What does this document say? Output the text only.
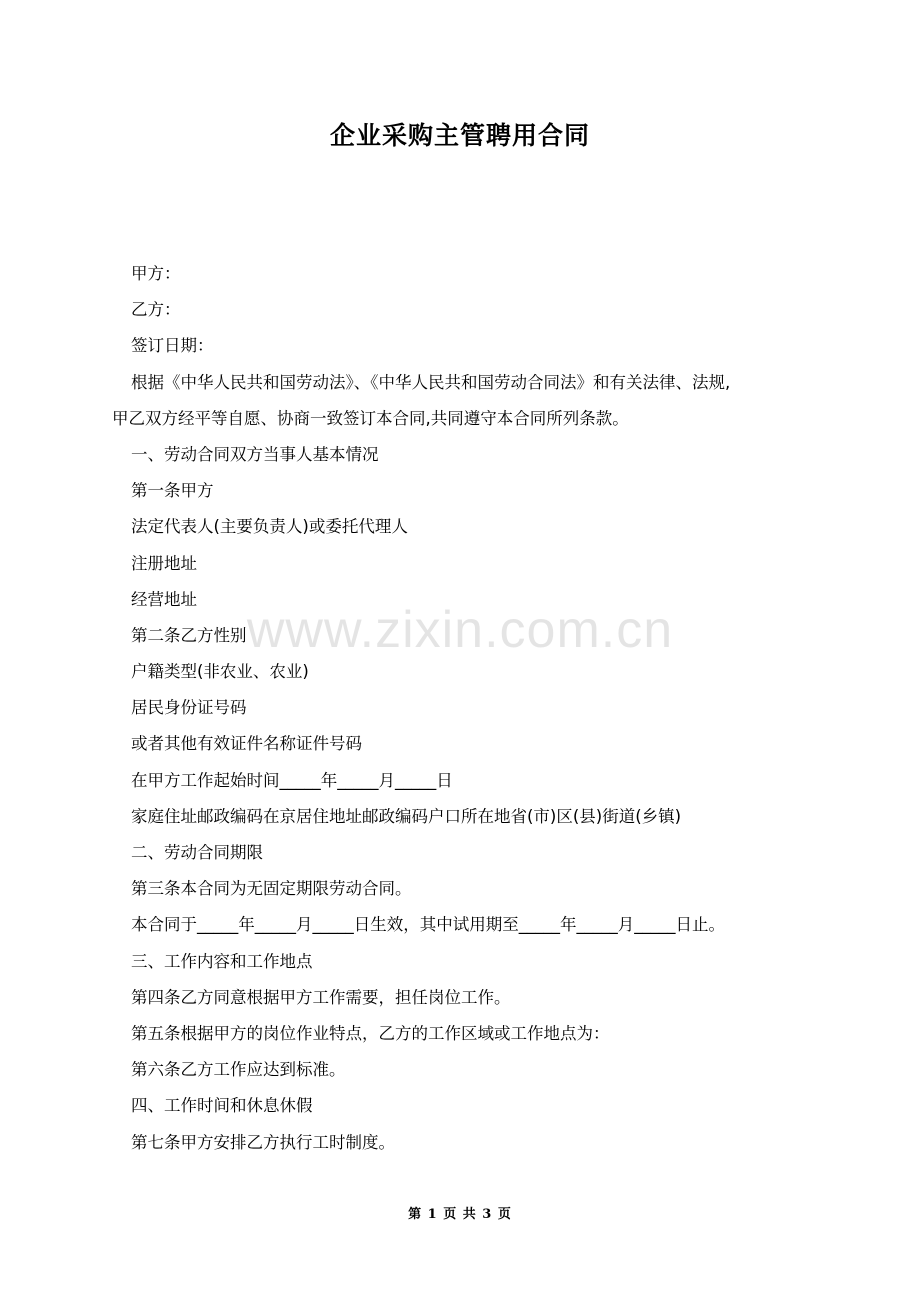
企业采购主管聘用合同
甲方：
乙方：
签订日期：
根据《中华人民共和国劳动法》、《中华人民共和国劳动合同法》和有关法律、法规,
甲乙双方经平等自愿、协商一致签订本合同,共同遵守本合同所列条款。
一、劳动合同双方当事人基本情况
第一条甲方
法定代表人(主要负责人)或委托代理人
注册地址
经营地址
第二条乙方性别
户籍类型(非农业、农业)
居民身份证号码
或者其他有效证件名称证件号码
在甲方工作起始时间_____年_____月_____日
家庭住址邮政编码在京居住地址邮政编码户口所在地省(市)区(县)街道(乡镇)
二、劳动合同期限
第三条本合同为无固定期限劳动合同。
本合同于_____年_____月_____日生效，其中试用期至_____年_____月_____日止。
三、工作内容和工作地点
第四条乙方同意根据甲方工作需要，担任岗位工作。
第五条根据甲方的岗位作业特点，乙方的工作区域或工作地点为：
第六条乙方工作应达到标准。
四、工作时间和休息休假
第七条甲方安排乙方执行工时制度。
www.zixin.com.cn
第 1 页 共 3 页
